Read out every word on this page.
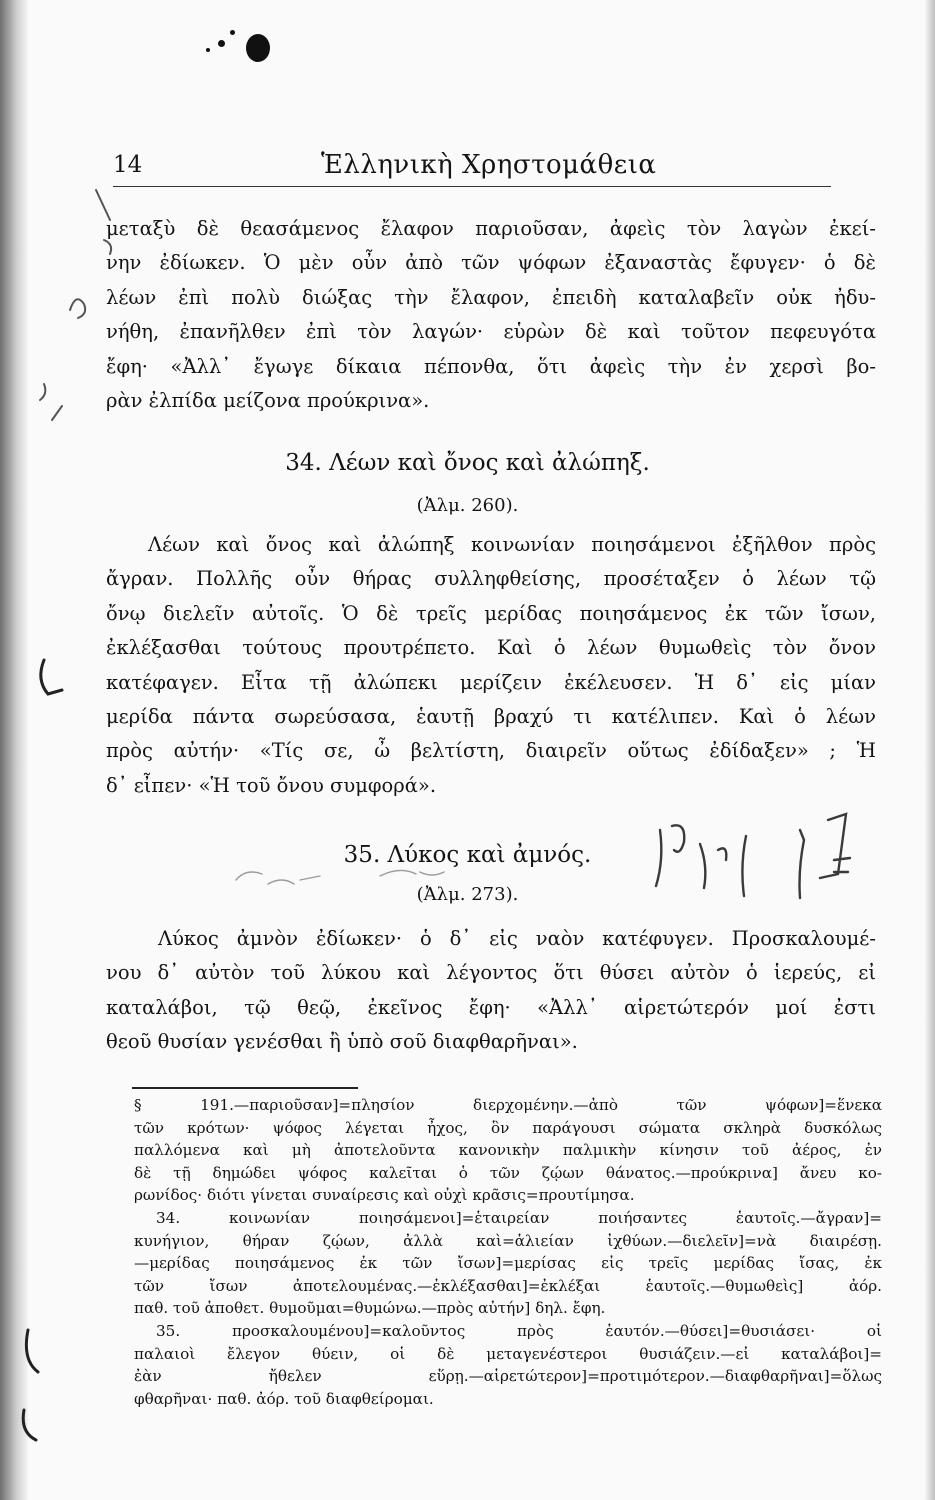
14	Ἑλληνικὴ Χρηστομάθεια
μεταξὺ δὲ θεασάμενος ἔλαφον παριοῦσαν, ἀφεὶς τὸν λαγὼν ἐκεί-
νην ἐδίωκεν. Ὁ μὲν οὖν ἀπὸ τῶν ψόφων ἐξαναστὰς ἔφυγεν· ὁ δὲ
λέων ἐπὶ πολὺ διώξας τὴν ἔλαφον, ἐπειδὴ καταλαβεῖν οὐκ ἠδυ-
νήθη, ἐπανῆλθεν ἐπὶ τὸν λαγών· εὑρὼν δὲ καὶ τοῦτον πεφευγότα
ἔφη· «Ἀλλ᾽ ἔγωγε δίκαια πέπονθα, ὅτι ἀφεὶς τὴν ἐν χερσὶ βο-
ρὰν ἐλπίδα μείζονα προύκρινα».
34. Λέων καὶ ὄνος καὶ ἀλώπηξ.
(Ἀλμ. 260).
Λέων καὶ ὄνος καὶ ἀλώπηξ κοινωνίαν ποιησάμενοι ἐξῆλθον πρὸς
ἄγραν. Πολλῆς οὖν θήρας συλληφθείσης, προσέταξεν ὁ λέων τῷ
ὄνῳ διελεῖν αὐτοῖς. Ὁ δὲ τρεῖς μερίδας ποιησάμενος ἐκ τῶν ἴσων,
ἐκλέξασθαι τούτους προυτρέπετο. Καὶ ὁ λέων θυμωθεὶς τὸν ὄνον
κατέφαγεν. Εἶτα τῇ ἀλώπεκι μερίζειν ἐκέλευσεν. Ἡ δ᾽ εἰς μίαν
μερίδα πάντα σωρεύσασα, ἑαυτῇ βραχύ τι κατέλιπεν. Καὶ ὁ λέων
πρὸς αὐτήν· «Τίς σε, ὦ βελτίστη, διαιρεῖν οὕτως ἐδίδαξεν» ; Ἡ
δ᾽ εἶπεν· «Ἡ τοῦ ὄνου συμφορά».
35. Λύκος καὶ ἀμνός.
(Ἀλμ. 273).
Λύκος ἀμνὸν ἐδίωκεν· ὁ δ᾽ εἰς ναὸν κατέφυγεν. Προσκαλουμέ-
νου δ᾽ αὐτὸν τοῦ λύκου καὶ λέγοντος ὅτι θύσει αὐτὸν ὁ ἱερεύς, εἰ
καταλάβοι, τῷ θεῷ, ἐκεῖνος ἔφη· «Ἀλλ᾽ αἱρετώτερόν μοί ἐστι
θεοῦ θυσίαν γενέσθαι ἢ ὑπὸ σοῦ διαφθαρῆναι».
§ 191.—παριοῦσαν]=πλησίον διερχομένην.—ἀπὸ τῶν ψόφων]=ἕνεκα
τῶν κρότων· ψόφος λέγεται ἦχος, ὃν παράγουσι σώματα σκληρὰ δυσκόλως
παλλόμενα καὶ μὴ ἀποτελοῦντα κανονικὴν παλμικὴν κίνησιν τοῦ ἀέρος, ἐν
δὲ τῇ δημώδει ψόφος καλεῖται ὁ τῶν ζῴων θάνατος.—προύκρινα] ἄνευ κο-
ρωνίδος· διότι γίνεται συναίρεσις καὶ οὐχὶ κρᾶσις=προυτίμησα.
34. κοινωνίαν ποιησάμενοι]=ἑταιρείαν ποιήσαντες ἑαυτοῖς.—ἄγραν]=
κυνήγιον, θήραν ζῴων, ἀλλὰ καὶ=ἁλιείαν ἰχθύων.—διελεῖν]=νὰ διαιρέσῃ.
—μερίδας ποιησάμενος ἐκ τῶν ἴσων]=μερίσας εἰς τρεῖς μερίδας ἴσας, ἐκ
τῶν ἴσων ἀποτελουμένας.—ἐκλέξασθαι]=ἐκλέξαι ἑαυτοῖς.—θυμωθεὶς] ἀόρ.
παθ. τοῦ ἀποθετ. θυμοῦμαι=θυμώνω.—πρὸς αὐτήν] δηλ. ἔφη.
35. προσκαλουμένου]=καλοῦντος πρὸς ἑαυτόν.—θύσει]=θυσιάσει· οἱ
παλαιοὶ ἔλεγον θύειν, οἱ δὲ μεταγενέστεροι θυσιάζειν.—εἰ καταλάβοι]=
ἐὰν ἤθελεν εὕρῃ.—αἱρετώτερον]=προτιμότερον.—διαφθαρῆναι]=ὅλως
φθαρῆναι· παθ. ἀόρ. τοῦ διαφθείρομαι.
